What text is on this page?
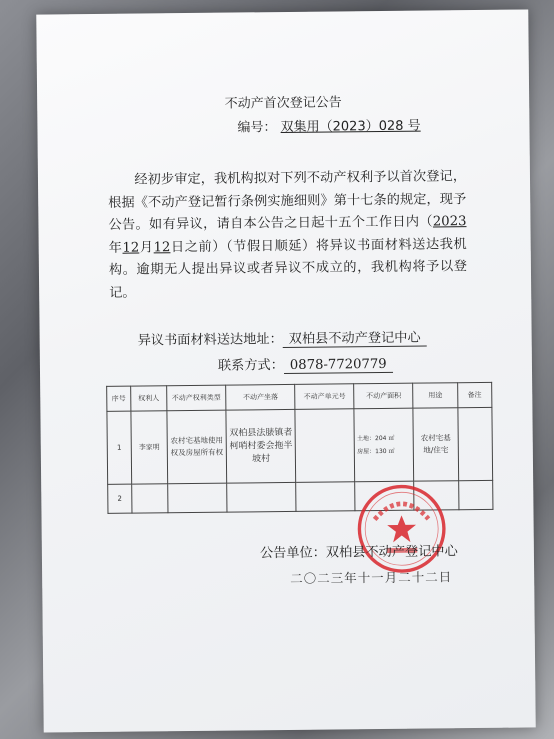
不动产首次登记公告
编号： 双集用（2023）028 号
经初步审定，我机构拟对下列不动产权利予以首次登记，根据《不动产登记暂行条例实施细则》第十七条的规定，现予公告。如有异议，请自本公告之日起十五个工作日内（2023年12月12日之前）（节假日顺延）将异议书面材料送达我机构。逾期无人提出异议或者异议不成立的，我机构将予以登记。
异议书面材料送达地址： 双柏县不动产登记中心
联系方式： 0878-7720779
序号	权利人	不动产权利类型	不动产坐落	不动产单元号	不动产面积	用途	备注
1	李家明	农村宅基地使用权及房屋所有权	双柏县法脿镇者柯哨村委会拖半坡村		土地：204 ㎡
房屋：130 ㎡	农村宅基地/住宅	
2							
公告单位：双柏县不动产登记中心
二〇二三年十一月二十二日
